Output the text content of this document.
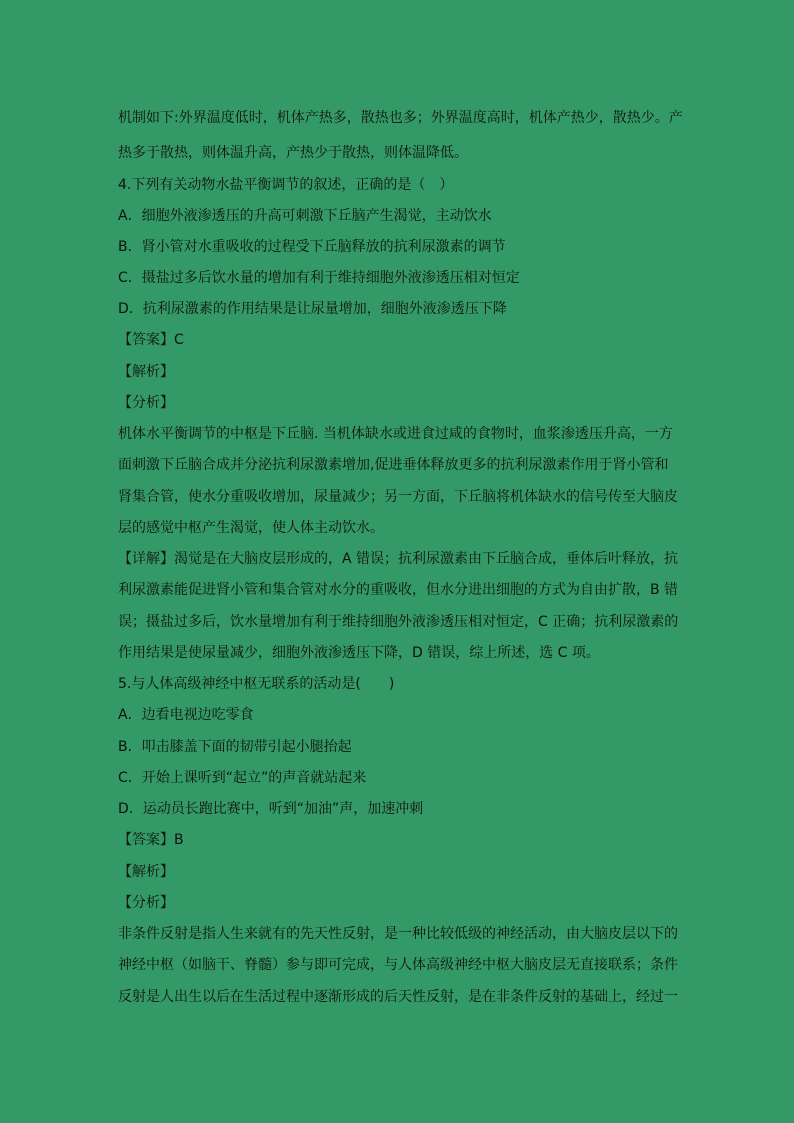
机制如下:外界温度低时，机体产热多，散热也多；外界温度高时，机体产热少，散热少。产
热多于散热，则体温升高，产热少于散热，则体温降低。
4.下列有关动物水盐平衡调节的叙述，正确的是（　）
A．细胞外液渗透压的升高可刺激下丘脑产生渴觉，主动饮水
B．肾小管对水重吸收的过程受下丘脑释放的抗利尿激素的调节
C．摄盐过多后饮水量的增加有利于维持细胞外液渗透压相对恒定
D．抗利尿激素的作用结果是让尿量增加，细胞外液渗透压下降
【答案】C
【解析】
【分析】
机体水平衡调节的中枢是下丘脑. 当机体缺水或进食过咸的食物时，血浆渗透压升高，一方
面刺激下丘脑合成并分泌抗利尿激素增加,促进垂体释放更多的抗利尿激素作用于肾小管和
肾集合管，使水分重吸收增加，尿量减少；另一方面，下丘脑将机体缺水的信号传至大脑皮
层的感觉中枢产生渴觉，使人体主动饮水。
【详解】渴觉是在大脑皮层形成的，A 错误；抗利尿激素由下丘脑合成，垂体后叶释放，抗
利尿激素能促进肾小管和集合管对水分的重吸收，但水分进出细胞的方式为自由扩散，B 错
误；摄盐过多后，饮水量增加有利于维持细胞外液渗透压相对恒定，C 正确；抗利尿激素的
作用结果是使尿量减少，细胞外液渗透压下降，D 错误，综上所述，选 C 项。
5.与人体高级神经中枢无联系的活动是(　　)
A．边看电视边吃零食
B．叩击膝盖下面的韧带引起小腿抬起
C．开始上课听到“起立”的声音就站起来
D．运动员长跑比赛中，听到“加油”声，加速冲刺
【答案】B
【解析】
【分析】
非条件反射是指人生来就有的先天性反射，是一种比较低级的神经活动，由大脑皮层以下的
神经中枢（如脑干、脊髓）参与即可完成，与人体高级神经中枢大脑皮层无直接联系；条件
反射是人出生以后在生活过程中逐渐形成的后天性反射，是在非条件反射的基础上，经过一
